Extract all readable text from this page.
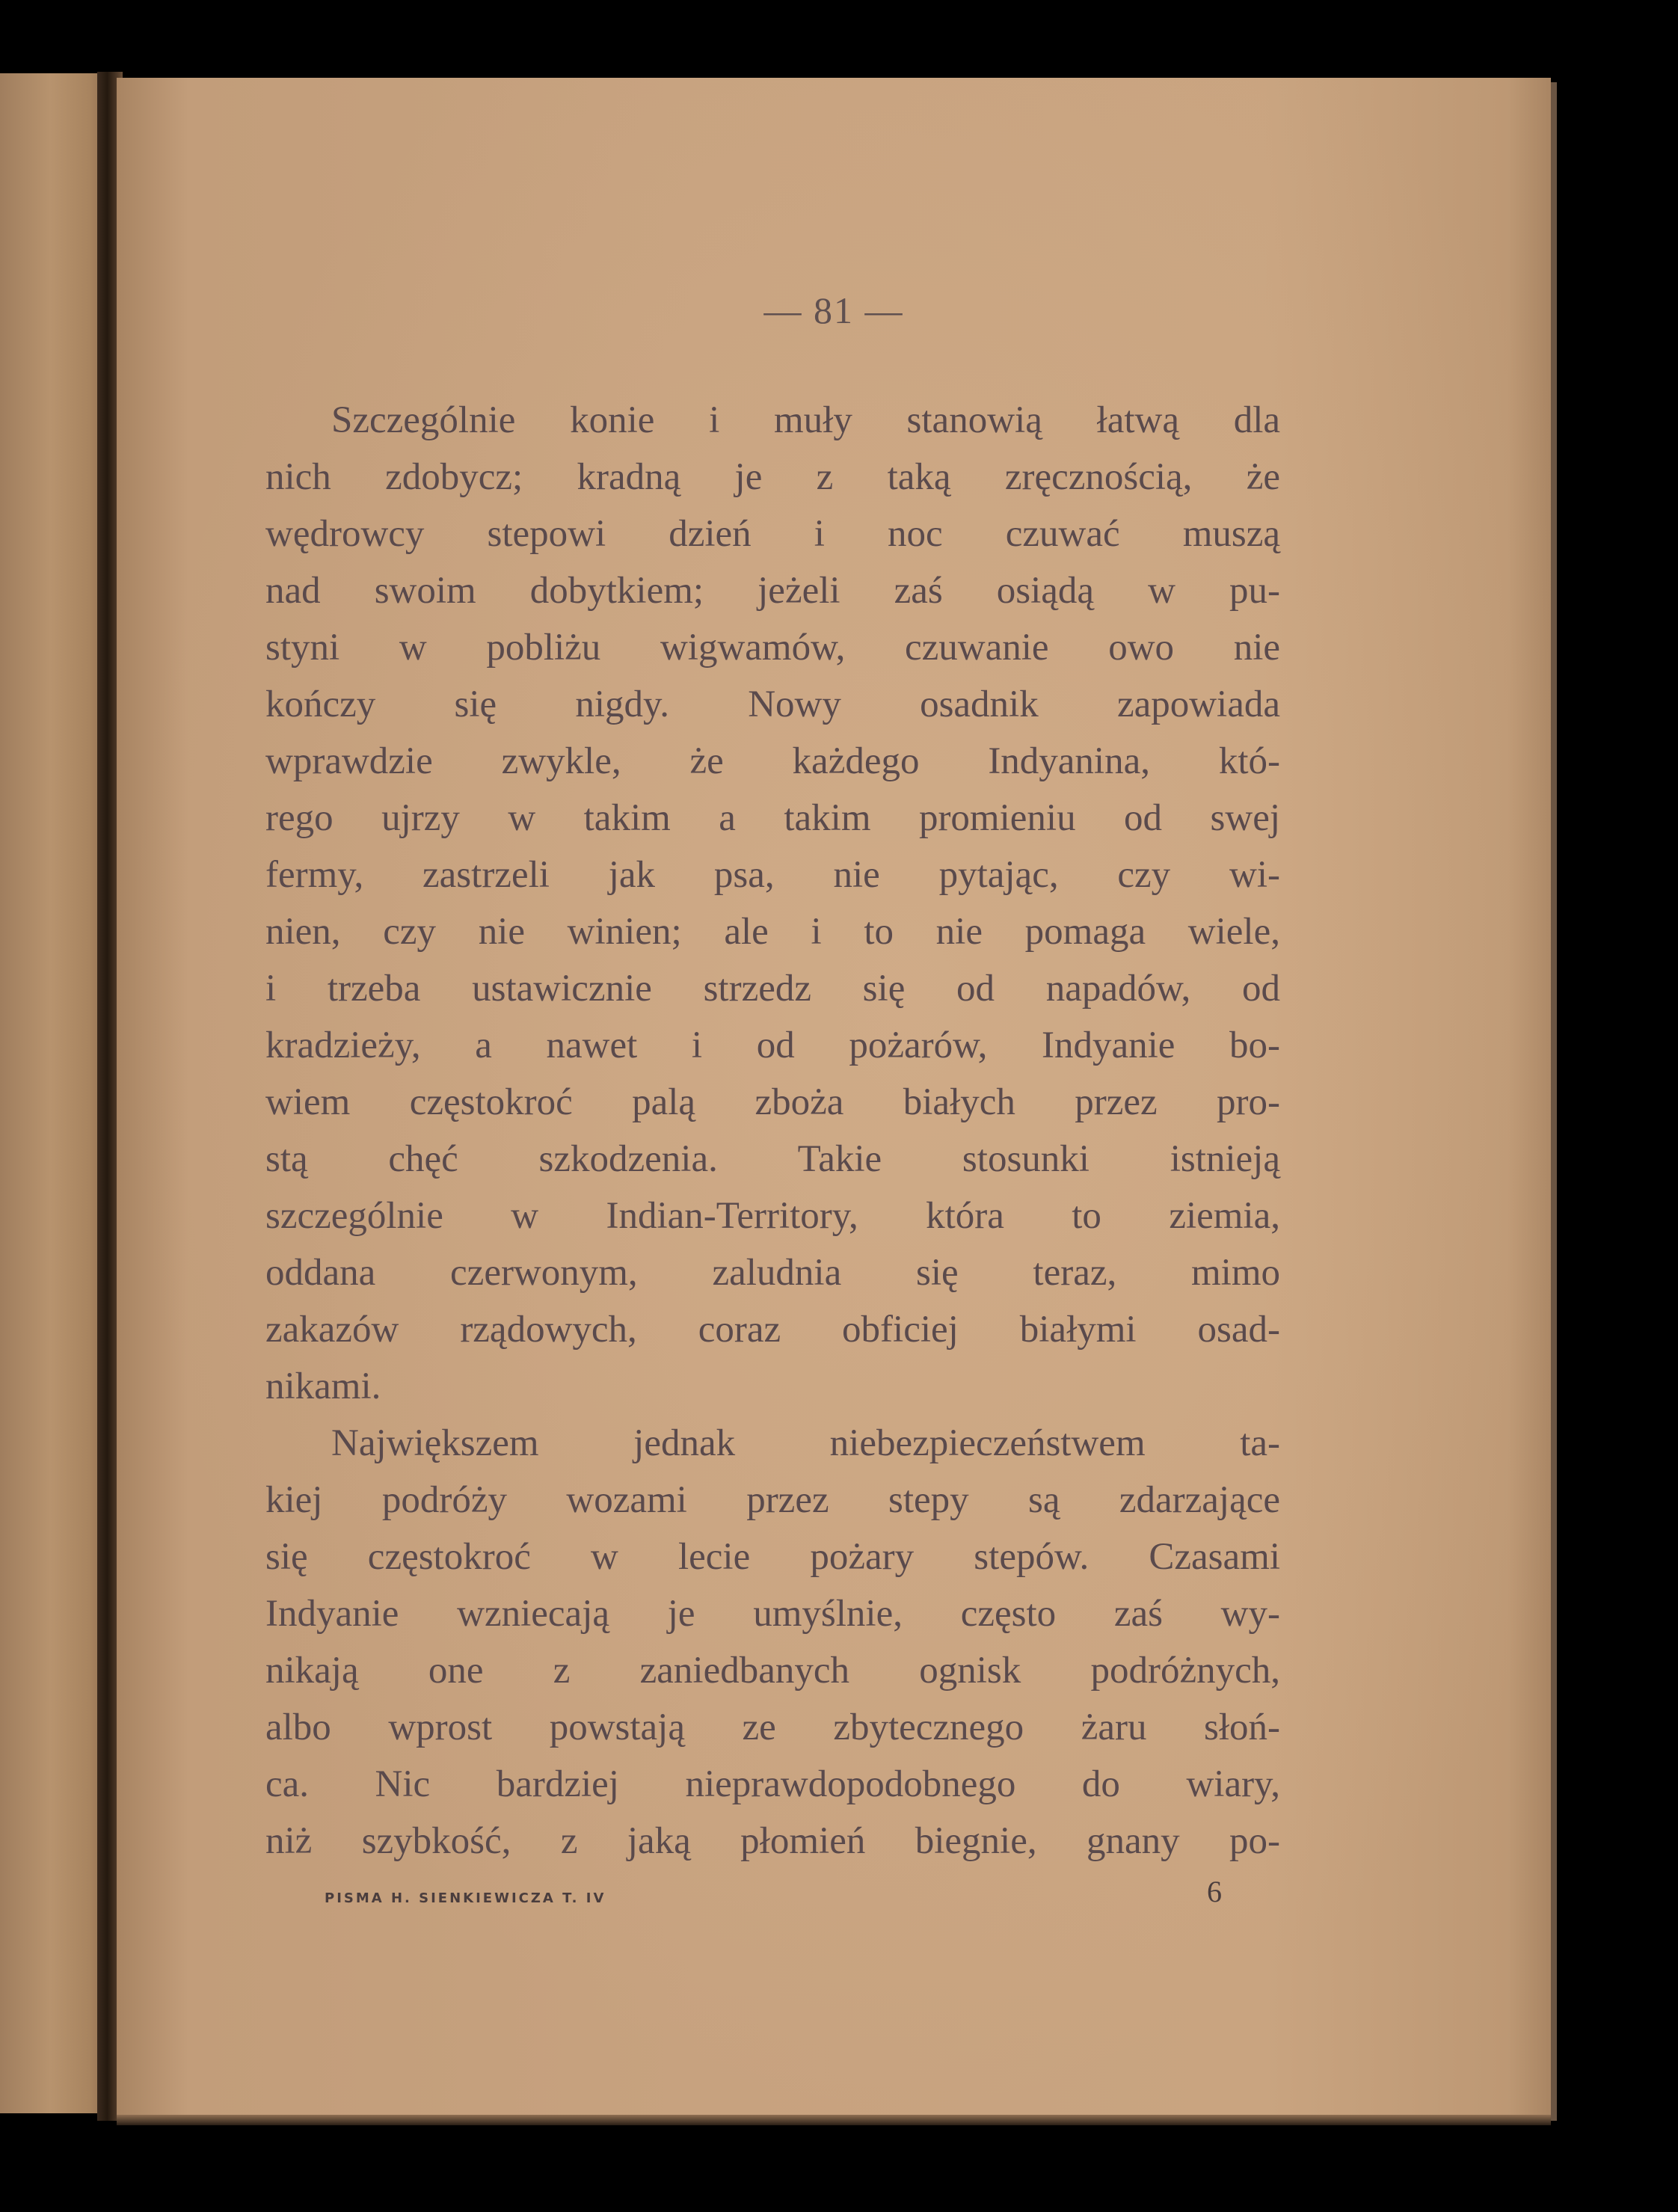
— 81 —
Szczególnie konie i muły stanowią łatwą dla
nich zdobycz; kradną je z taką zręcznością, że
wędrowcy stepowi dzień i noc czuwać muszą
nad swoim dobytkiem; jeżeli zaś osiądą w pu-
styni w pobliżu wigwamów, czuwanie owo nie
kończy się nigdy. Nowy osadnik zapowiada
wprawdzie zwykle, że każdego Indyanina, któ-
rego ujrzy w takim a takim promieniu od swej
fermy, zastrzeli jak psa, nie pytając, czy wi-
nien, czy nie winien; ale i to nie pomaga wiele,
i trzeba ustawicznie strzedz się od napadów, od
kradzieży, a nawet i od pożarów, Indyanie bo-
wiem częstokroć palą zboża białych przez pro-
stą chęć szkodzenia. Takie stosunki istnieją
szczególnie w Indian-Territory, która to ziemia,
oddana czerwonym, zaludnia się teraz, mimo
zakazów rządowych, coraz obficiej białymi osad-
nikami.
Największem jednak niebezpieczeństwem ta-
kiej podróży wozami przez stepy są zdarzające
się częstokroć w lecie pożary stepów. Czasami
Indyanie wzniecają je umyślnie, często zaś wy-
nikają one z zaniedbanych ognisk podróżnych,
albo wprost powstają ze zbytecznego żaru słoń-
ca. Nic bardziej nieprawdopodobnego do wiary,
niż szybkość, z jaką płomień biegnie, gnany po-
PISMA H. SIENKIEWICZA T. IV	6
